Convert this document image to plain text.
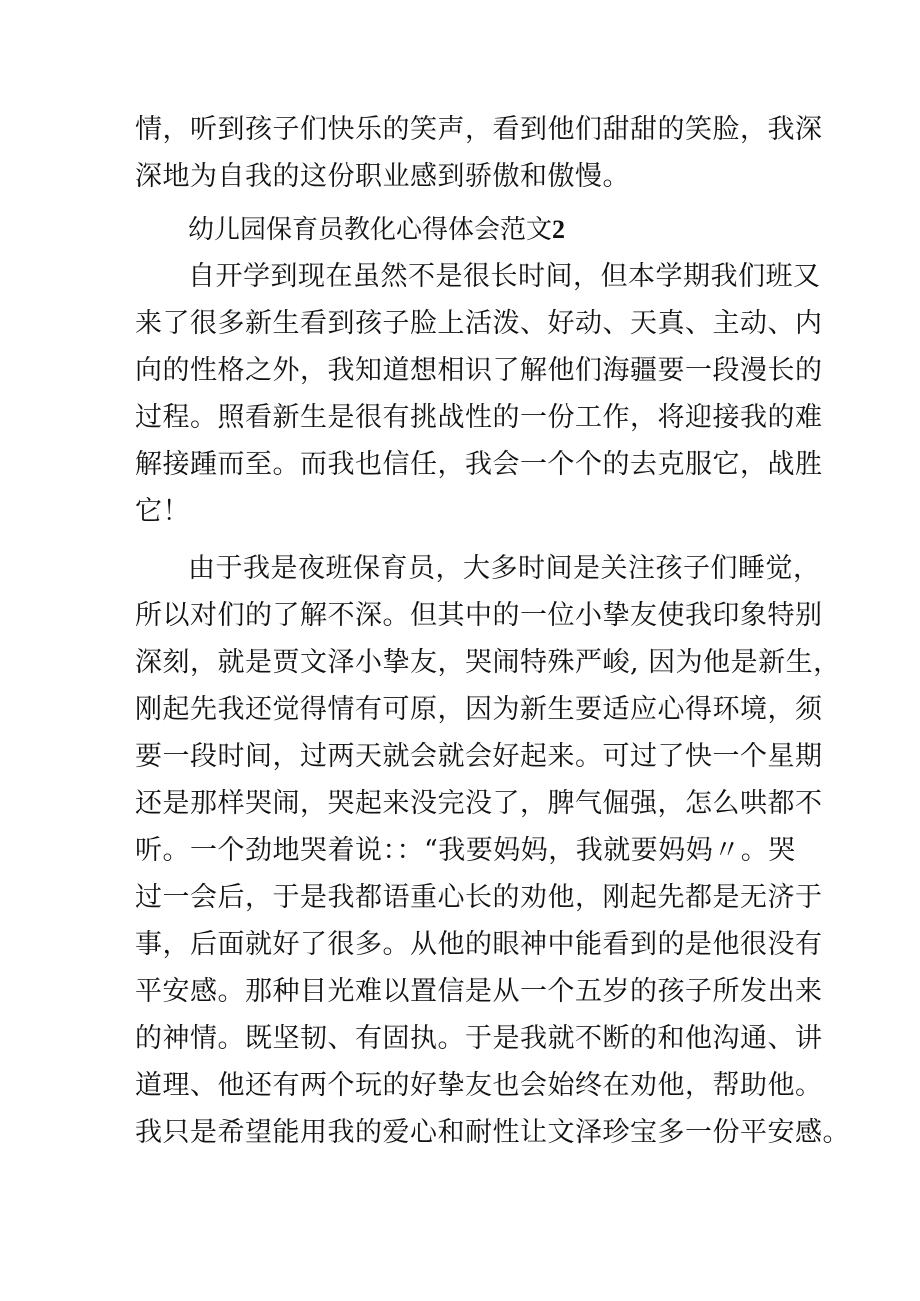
情，听到孩子们快乐的笑声，看到他们甜甜的笑脸，我深
深地为自我的这份职业感到骄傲和傲慢。
幼儿园保育员教化心得体会范文2
自开学到现在虽然不是很长时间，但本学期我们班又
来了很多新生看到孩子脸上活泼、好动、天真、主动、内
向的性格之外，我知道想相识了解他们海疆要一段漫长的
过程。照看新生是很有挑战性的一份工作，将迎接我的难
解接踵而至。而我也信任，我会一个个的去克服它，战胜
它！
由于我是夜班保育员，大多时间是关注孩子们睡觉，
所以对们的了解不深。但其中的一位小挚友使我印象特别
深刻，就是贾文泽小挚友，哭闹特殊严峻, 因为他是新生，
刚起先我还觉得情有可原，因为新生要适应心得环境，须
要一段时间，过两天就会就会好起来。可过了快一个星期
还是那样哭闹，哭起来没完没了，脾气倔强，怎么哄都不
听。一个劲地哭着说：：“我要妈妈，我就要妈妈〃。哭
过一会后，于是我都语重心长的劝他，刚起先都是无济于
事，后面就好了很多。从他的眼神中能看到的是他很没有
平安感。那种目光难以置信是从一个五岁的孩子所发出来
的神情。既坚韧、有固执。于是我就不断的和他沟通、讲
道理、他还有两个玩的好挚友也会始终在劝他，帮助他。
我只是希望能用我的爱心和耐性让文泽珍宝多一份平安感。
